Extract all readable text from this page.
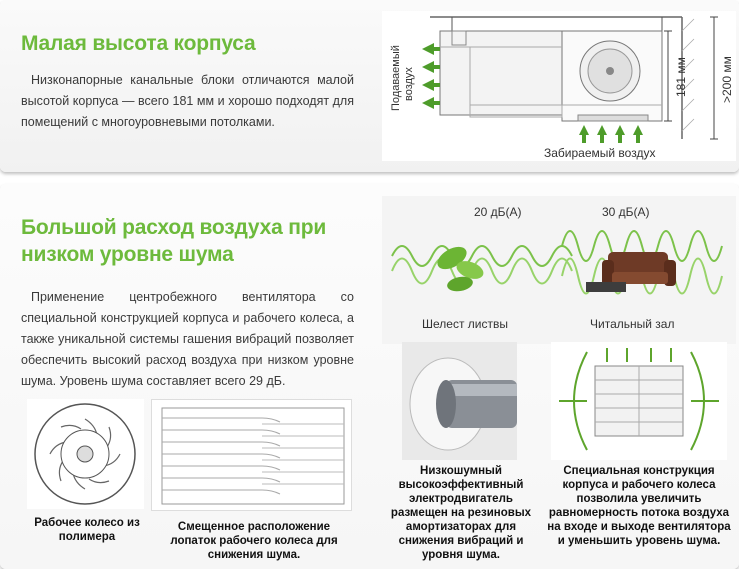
Малая высота корпуса

Низконапорные канальные блоки отличаются малой высотой корпуса — всего 181 мм и хорошо подходят для помещений с многоуровневыми потолками.

Подаваемый воздух
Забираемый воздух
181 мм	>200 мм
Большой расход воздуха при
низком уровне шума

Применение центробежного вентилятора со специальной конструкцией корпуса и рабочего колеса, а также уникальной системы гашения вибраций позволяет обеспечить высокий расход воздуха при низком уровне шума. Уровень шума составляет всего 29 дБ.

20 дБ(А)	30 дБ(А)
Шелест листвы	Читальный зал
Рабочее колесо из полимера
Смещенное расположение лопаток рабочего колеса для снижения шума.
Низкошумный высокоэффективный электродвигатель размещен на резиновых амортизаторах для снижения вибраций и уровня шума.
Специальная конструкция корпуса и рабочего колеса позволила увеличить равномерность потока воздуха на входе и выходе вентилятора и уменьшить уровень шума.
